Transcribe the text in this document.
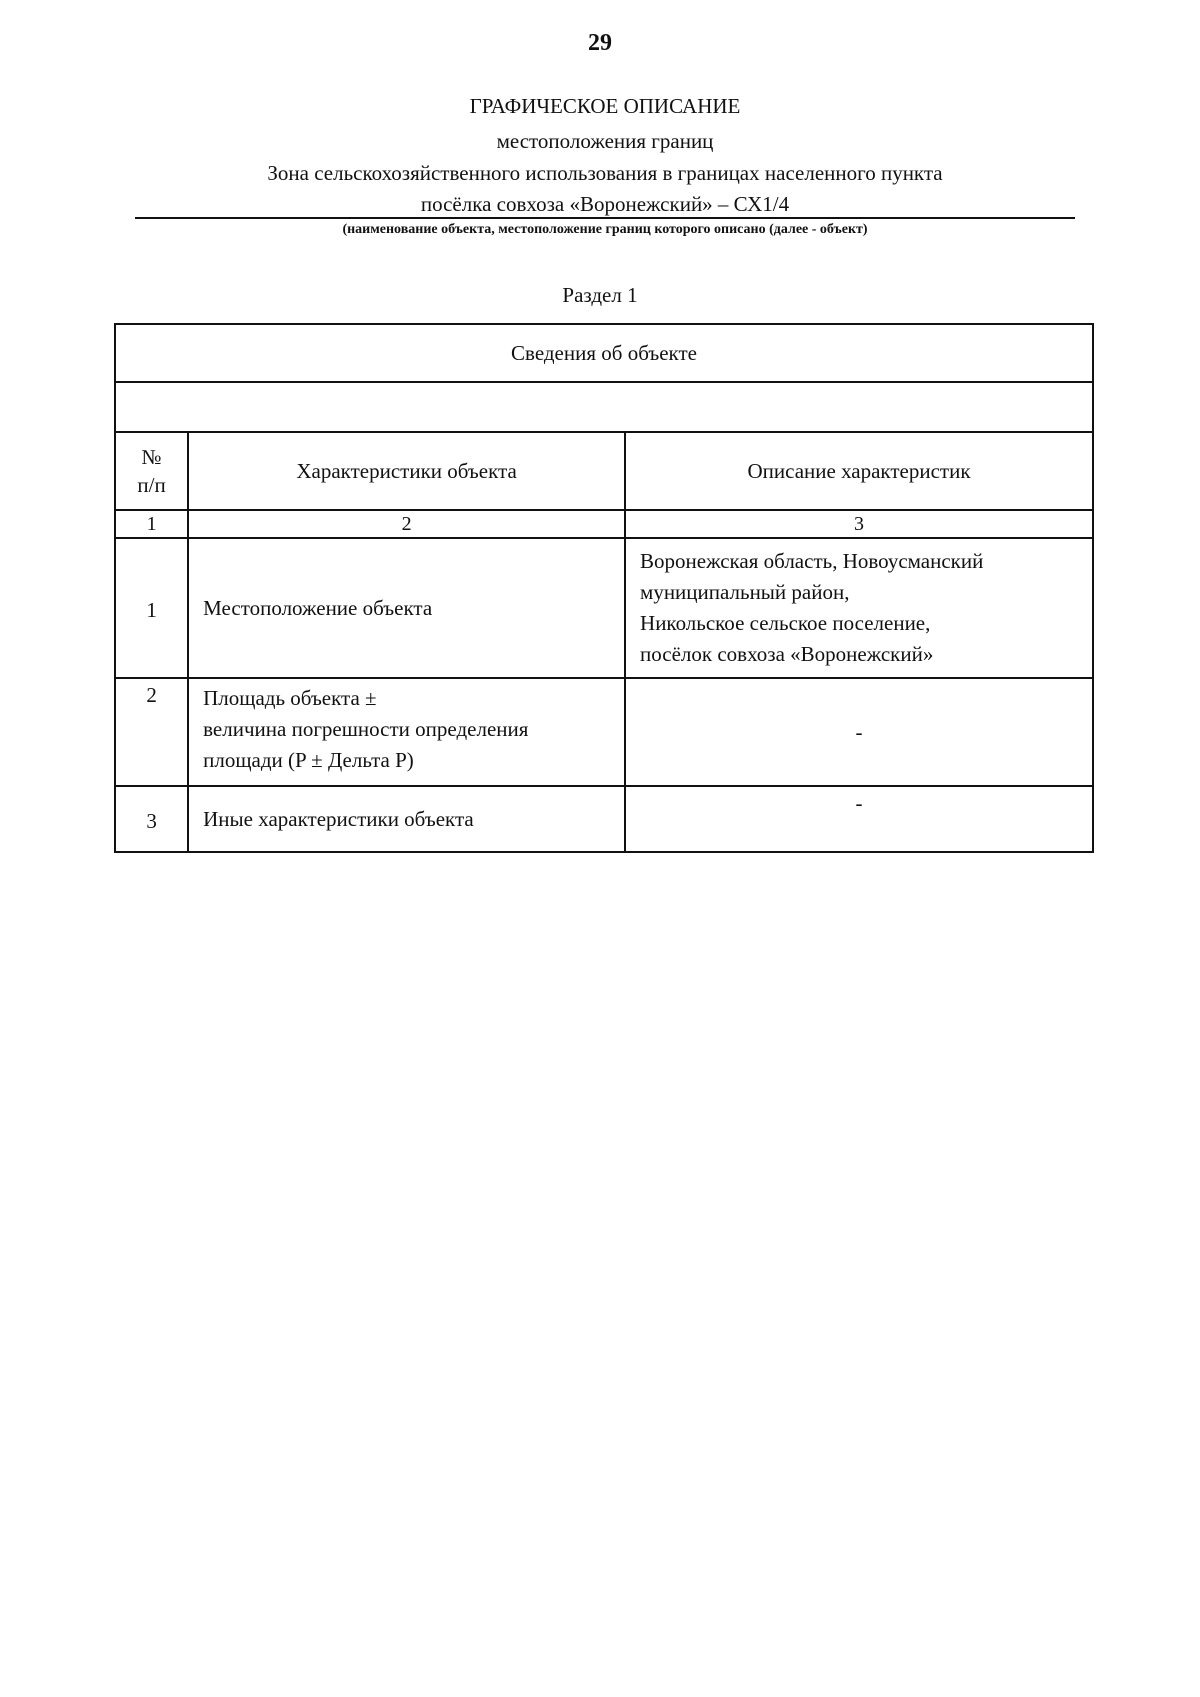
29
ГРАФИЧЕСКОЕ ОПИСАНИЕ
местоположения границ
Зона сельскохозяйственного использования в границах населенного пункта
посёлка совхоза «Воронежский» – СХ1/4
(наименование объекта, местоположение границ которого описано (далее - объект)
Раздел 1
Сведения об объекте		

№
п/п	Характеристики объекта	Описание характеристик
1	2	3
1	Местоположение объекта	Воронежская область, Новоусманский
муниципальный район,
Никольское сельское поселение,
посёлок совхоза «Воронежский»

2	Площадь объекта ±
величина погрешности определения
площади (P ± Дельта P)	-
3	Иные характеристики объекта	-
